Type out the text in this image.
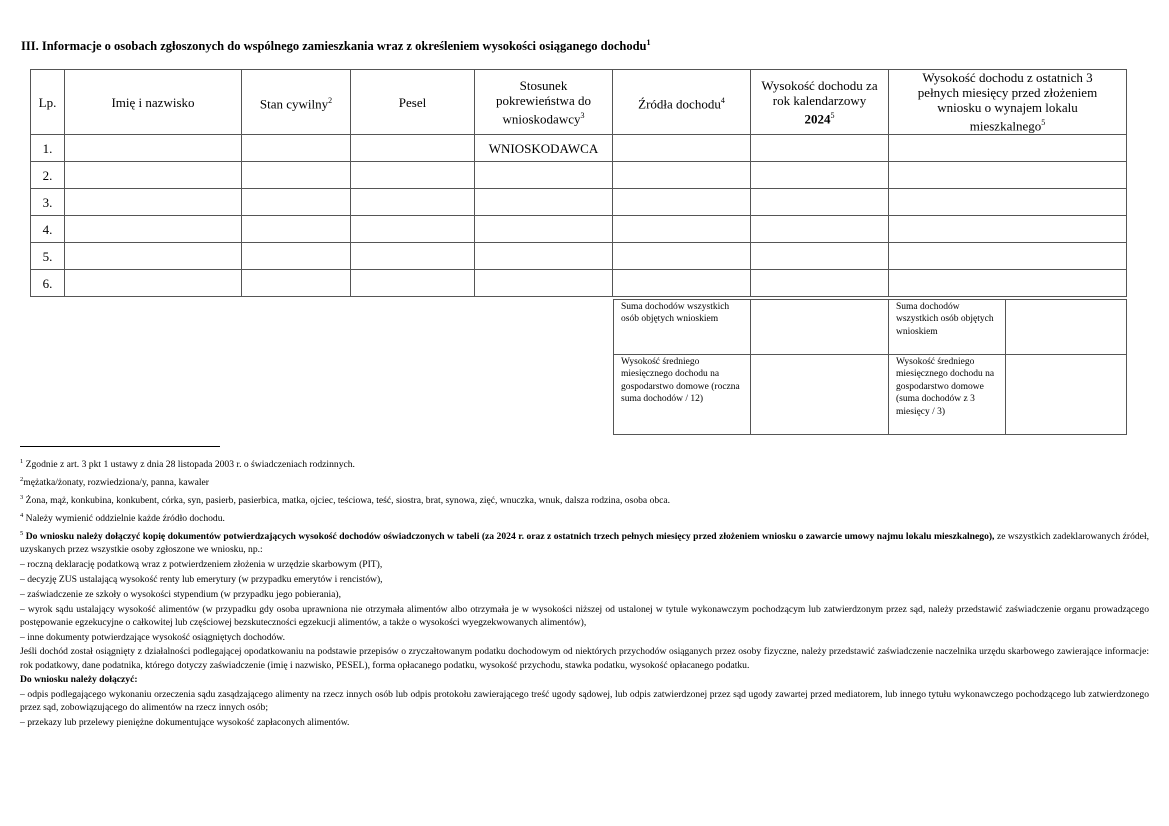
III. Informacje o osobach zgłoszonych do wspólnego zamieszkania wraz z określeniem wysokości osiąganego dochodu$^1$
Lp.	Imię i nazwisko	Stan cywilny$^2$	Pesel	Stosunek pokrewieństwa do wnioskodawcy$^3$	Źródła dochodu$^4$	Wysokość dochodu za rok kalendarzowy 2024$^5$	Wysokość dochodu z ostatnich 3 pełnych miesięcy przed złożeniem wniosku o wynajem lokalu mieszkalnego$^5$
1.				WNIOSKODAWCA			
2.							
3.							
4.							
5.							
6.							
Suma dochodów wszystkich osób objętych wnioskiem		Suma dochodów wszystkich osób objętych wnioskiem	
Wysokość średniego miesięcznego dochodu na gospodarstwo domowe (roczna suma dochodów / 12)		Wysokość średniego miesięcznego dochodu na gospodarstwo domowe (suma dochodów z 3 miesięcy / 3)	

$^1$ Zgodnie z art. 3 pkt 1 ustawy z dnia 28 listopada 2003 r. o świadczeniach rodzinnych.

$^2$mężatka/żonaty, rozwiedziona/y, panna, kawaler

$^3$ Żona, mąż, konkubina, konkubent, córka, syn, pasierb, pasierbica, matka, ojciec, teściowa, teść, siostra, brat, synowa, zięć, wnuczka, wnuk, dalsza rodzina, osoba obca.

$^4$ Należy wymienić oddzielnie każde źródło dochodu.

$^5$ Do wniosku należy dołączyć kopię dokumentów potwierdzających wysokość dochodów oświadczonych w tabeli (za 2024 r. oraz z ostatnich trzech pełnych miesięcy przed złożeniem wniosku o zawarcie umowy najmu lokalu mieszkalnego), ze wszystkich zadeklarowanych źródeł, uzyskanych przez wszystkie osoby zgłoszone we wniosku, np.:

– roczną deklarację podatkową wraz z potwierdzeniem złożenia w urzędzie skarbowym (PIT),

– decyzję ZUS ustalającą wysokość renty lub emerytury (w przypadku emerytów i rencistów),

– zaświadczenie ze szkoły o wysokości stypendium (w przypadku jego pobierania),

– wyrok sądu ustalający wysokość alimentów (w przypadku gdy osoba uprawniona nie otrzymała alimentów albo otrzymała je w wysokości niższej od ustalonej w tytule wykonawczym pochodzącym lub zatwierdzonym przez sąd, należy przedstawić zaświadczenie organu prowadzącego postępowanie egzekucyjne o całkowitej lub częściowej bezskuteczności egzekucji alimentów, a także o wysokości wyegzekwowanych alimentów),

– inne dokumenty potwierdzające wysokość osiągniętych dochodów.

Jeśli dochód został osiągnięty z działalności podlegającej opodatkowaniu na podstawie przepisów o zryczałtowanym podatku dochodowym od niektórych przychodów osiąganych przez osoby fizyczne, należy przedstawić zaświadczenie naczelnika urzędu skarbowego zawierające informacje: rok podatkowy, dane podatnika, którego dotyczy zaświadczenie (imię i nazwisko, PESEL), forma opłacanego podatku, wysokość przychodu, stawka podatku, wysokość opłacanego podatku.

Do wniosku należy dołączyć:

– odpis podlegającego wykonaniu orzeczenia sądu zasądzającego alimenty na rzecz innych osób lub odpis protokołu zawierającego treść ugody sądowej, lub odpis zatwierdzonej przez sąd ugody zawartej przed mediatorem, lub innego tytułu wykonawczego pochodzącego lub zatwierdzonego przez sąd, zobowiązującego do alimentów na rzecz innych osób;

– przekazy lub przelewy pieniężne dokumentujące wysokość zapłaconych alimentów.
